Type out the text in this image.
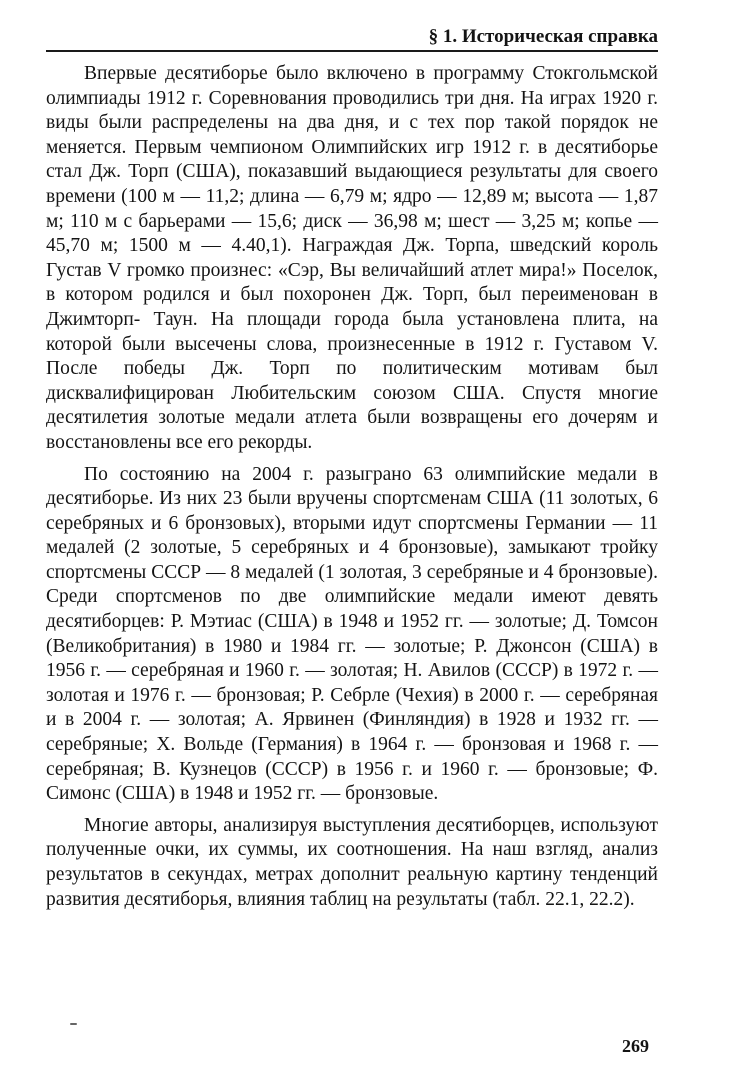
§ 1. Историческая справка

Впервые десятиборье было включено в программу Стокгольмской олимпиады 1912 г. Соревнования проводились три дня. На играх 1920 г. виды были распределены на два дня, и с тех пор такой порядок не меняется. Первым чемпионом Олимпийских игр 1912 г. в десятиборье стал Дж. Торп (США), показавший выдающиеся результаты для своего времени (100 м — 11,2; длина — 6,79 м; ядро — 12,89 м; высота — 1,87 м; 110 м с барьерами — 15,6; диск — 36,98 м; шест — 3,25 м; копье — 45,70 м; 1500 м — 4.40,1). Награждая Дж. Торпа, шведский король Густав V громко произнес: «Сэр, Вы величайший атлет мира!» Поселок, в котором родился и был похоронен Дж. Торп, был переименован в Джимторп- Таун. На площади города была установлена плита, на которой были высечены слова, произнесенные в 1912 г. Густавом V. После победы Дж. Торп по политическим мотивам был дисквалифицирован Любительским союзом США. Спустя многие десятилетия золотые медали атлета были возвращены его дочерям и восстановлены все его рекорды.

По состоянию на 2004 г. разыграно 63 олимпийские медали в десятиборье. Из них 23 были вручены спортсменам США (11 золотых, 6 серебряных и 6 бронзовых), вторыми идут спортсмены Германии — 11 медалей (2 золотые, 5 серебряных и 4 бронзовые), замыкают тройку спортсмены СССР — 8 медалей (1 золотая, 3 серебряные и 4 бронзовые). Среди спортсменов по две олимпийские медали имеют девять десятиборцев: Р. Мэтиас (США) в 1948 и 1952 гг. — золотые; Д. Томсон (Великобритания) в 1980 и 1984 гг. — золотые; Р. Джонсон (США) в 1956 г. — серебряная и 1960 г. — золотая; Н. Авилов (СССР) в 1972 г. — золотая и 1976 г. — бронзовая; Р. Себрле (Чехия) в 2000 г. — серебряная и в 2004 г. — золотая; А. Ярвинен (Финляндия) в 1928 и 1932 гг. — серебряные; Х. Вольде (Германия) в 1964 г. — бронзовая и 1968 г. — серебряная; В. Кузнецов (СССР) в 1956 г. и 1960 г. — бронзовые; Ф. Симонс (США) в 1948 и 1952 гг. — бронзовые.

Многие авторы, анализируя выступления десятиборцев, используют полученные очки, их суммы, их соотношения. На наш взгляд, анализ результатов в секундах, метрах дополнит реальную картину тенденций развития десятиборья, влияния таблиц на результаты (табл. 22.1, 22.2).

269
